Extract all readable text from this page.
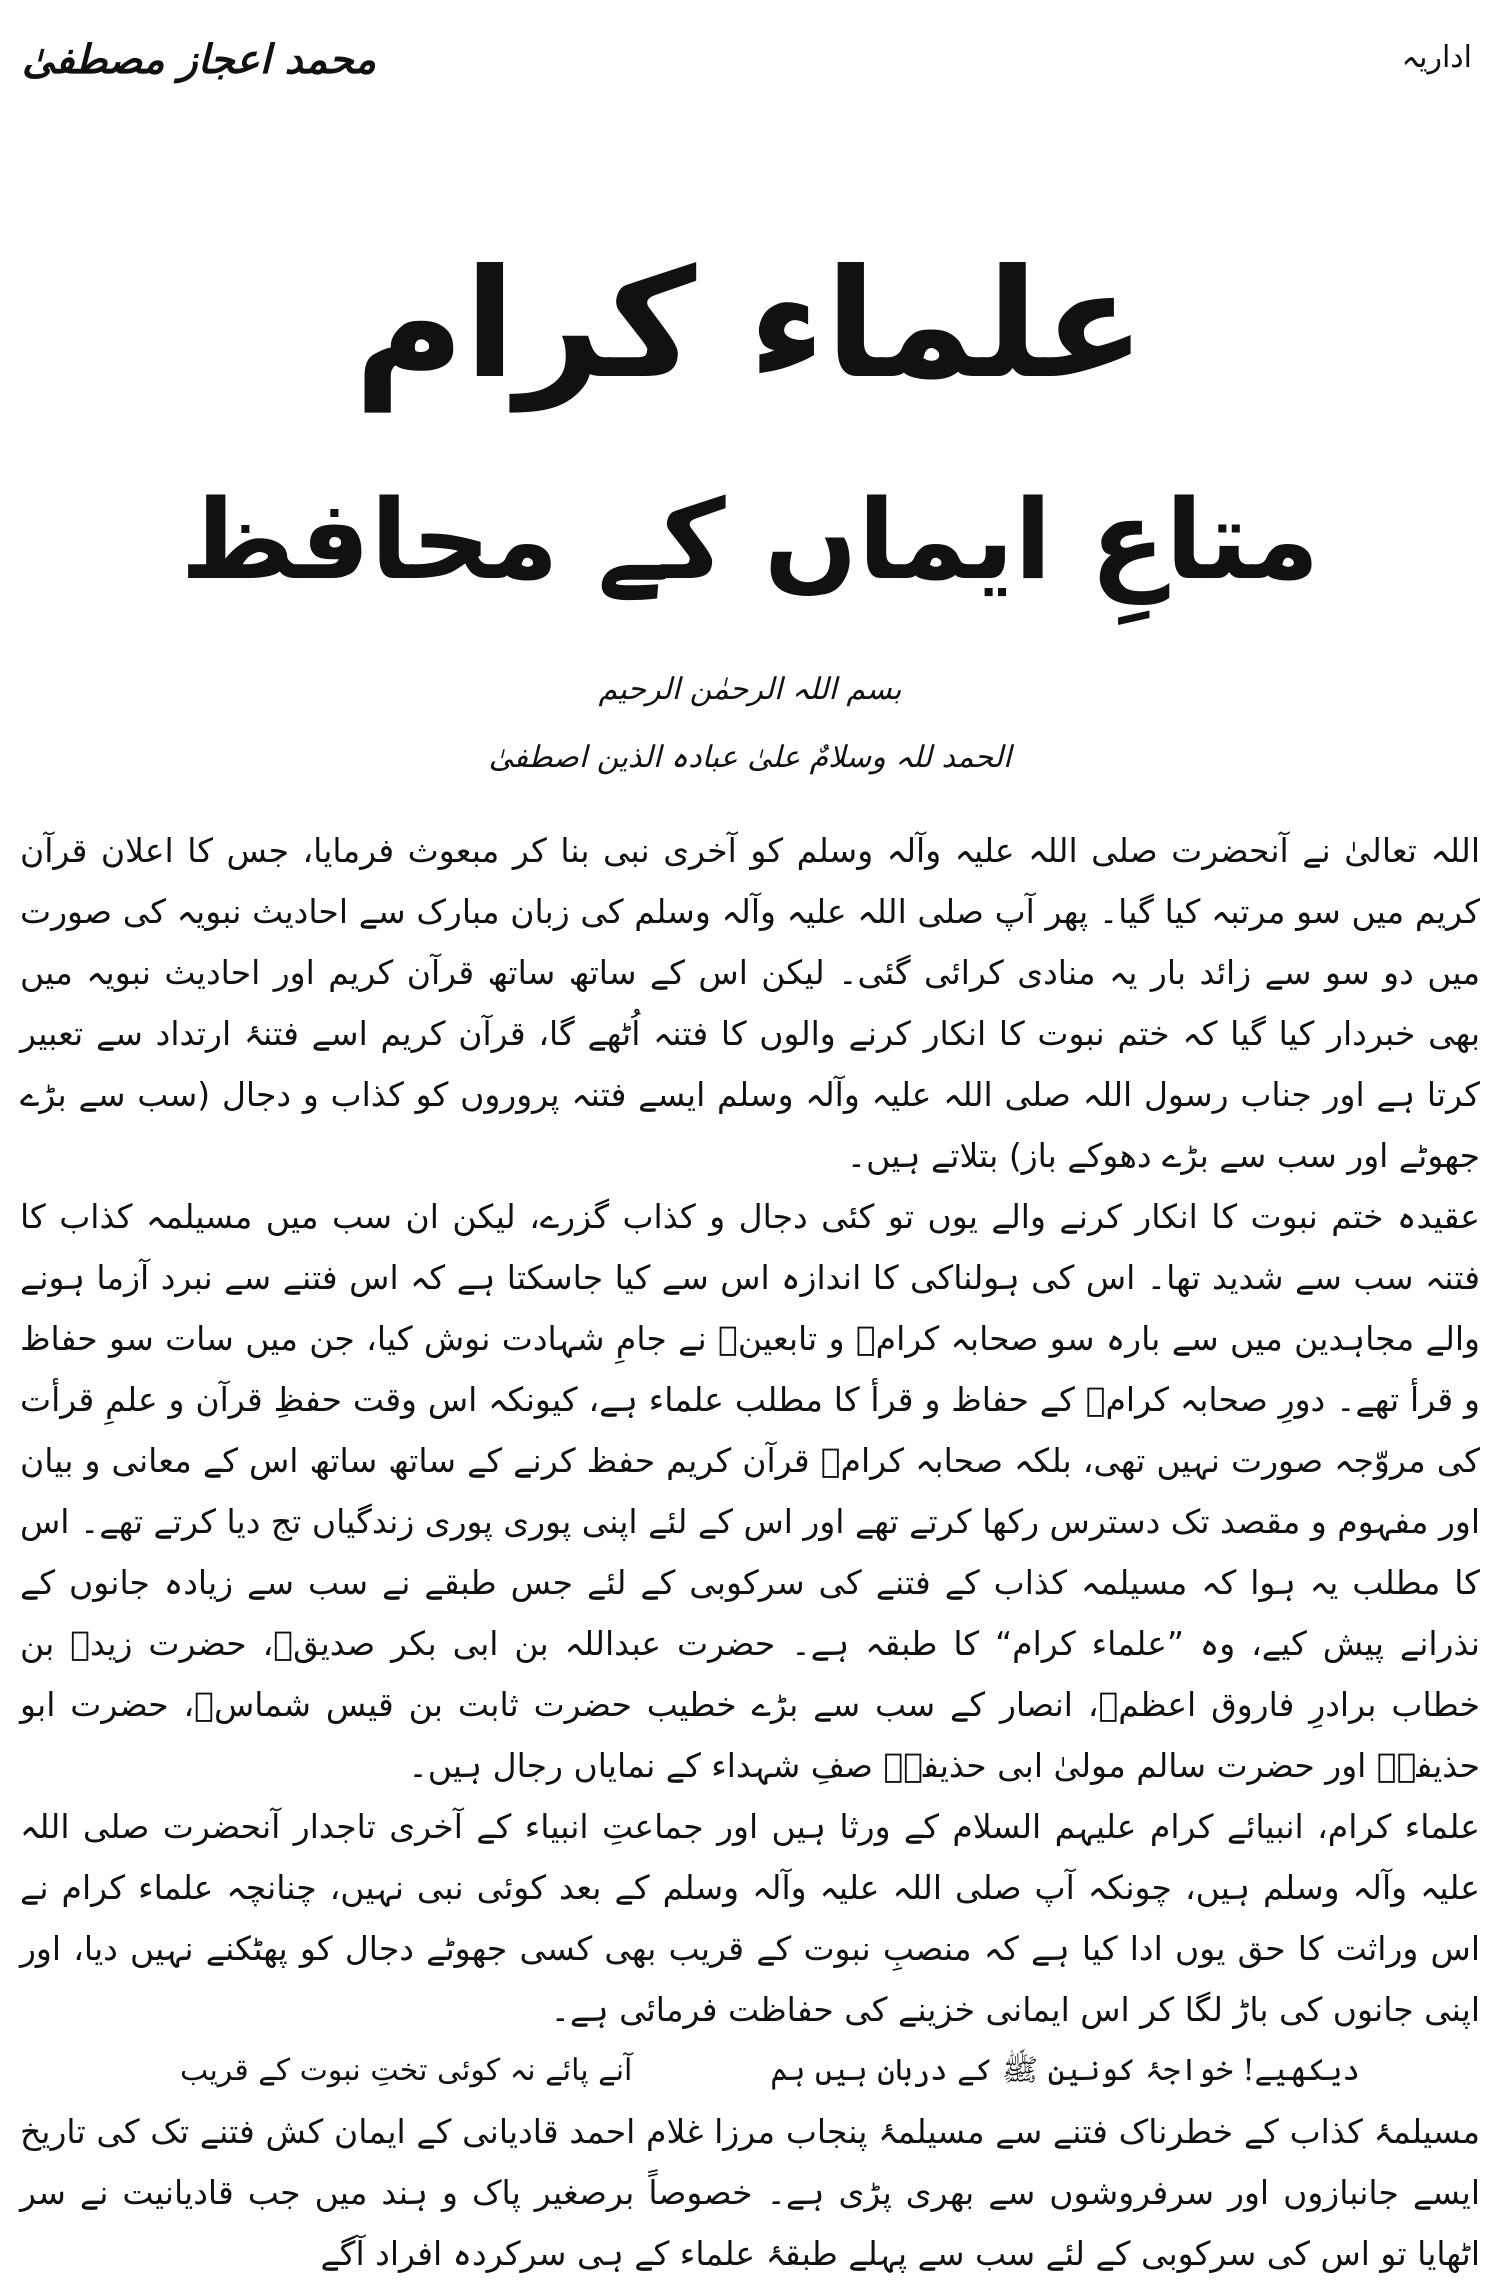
اداریہ
محمد اعجاز مصطفیٰ
علماء کرام
متاعِ ایماں کے محافظ
بسم اللہ الرحمٰن الرحیم
الحمد للہ وسلامٌ علیٰ عبادہ الذین اصطفیٰ

اللہ تعالیٰ نے آنحضرت صلی اللہ علیہ وآلہ وسلم کو آخری نبی بنا کر مبعوث فرمایا، جس کا اعلان قرآن کریم میں سو مرتبہ کیا گیا۔ پھر آپ صلی اللہ علیہ وآلہ وسلم کی زبان مبارک سے احادیث نبویہ کی صورت میں دو سو سے زائد بار یہ منادی کرائی گئی۔ لیکن اس کے ساتھ ساتھ قرآن کریم اور احادیث نبویہ میں بھی خبردار کیا گیا کہ ختم نبوت کا انکار کرنے والوں کا فتنہ اُٹھے گا، قرآن کریم اسے فتنۂ ارتداد سے تعبیر کرتا ہے اور جناب رسول اللہ صلی اللہ علیہ وآلہ وسلم ایسے فتنہ پروروں کو کذاب و دجال (سب سے بڑے جھوٹے اور سب سے بڑے دھوکے باز) بتلاتے ہیں۔

عقیدہ ختم نبوت کا انکار کرنے والے یوں تو کئی دجال و کذاب گزرے، لیکن ان سب میں مسیلمہ کذاب کا فتنہ سب سے شدید تھا۔ اس کی ہولناکی کا اندازہ اس سے کیا جاسکتا ہے کہ اس فتنے سے نبرد آزما ہونے والے مجاہدین میں سے بارہ سو صحابہ کرامؓ و تابعینؒ نے جامِ شہادت نوش کیا، جن میں سات سو حفاظ و قرأ تھے۔ دورِ صحابہ کرامؓ کے حفاظ و قرأ کا مطلب علماء ہے، کیونکہ اس وقت حفظِ قرآن و علمِ قرأت کی مروّجہ صورت نہیں تھی، بلکہ صحابہ کرامؓ قرآن کریم حفظ کرنے کے ساتھ ساتھ اس کے معانی و بیان اور مفہوم و مقصد تک دسترس رکھا کرتے تھے اور اس کے لئے اپنی پوری پوری زندگیاں تج دیا کرتے تھے۔ اس کا مطلب یہ ہوا کہ مسیلمہ کذاب کے فتنے کی سرکوبی کے لئے جس طبقے نے سب سے زیادہ جانوں کے نذرانے پیش کیے، وہ ”علماء کرام“ کا طبقہ ہے۔ حضرت عبداللہ بن ابی بکر صدیقؓ، حضرت زیدؓ بن خطاب برادرِ فاروق اعظمؓ، انصار کے سب سے بڑے خطیب حضرت ثابت بن قیس شماسؓ، حضرت ابو حذیفہؓ اور حضرت سالم مولیٰ ابی حذیفہؓ صفِ شہداء کے نمایاں رجال ہیں۔

علماء کرام، انبیائے کرام علیہم السلام کے ورثا ہیں اور جماعتِ انبیاء کے آخری تاجدار آنحضرت صلی اللہ علیہ وآلہ وسلم ہیں، چونکہ آپ صلی اللہ علیہ وآلہ وسلم کے بعد کوئی نبی نہیں، چنانچہ علماء کرام نے اس وراثت کا حق یوں ادا کیا ہے کہ منصبِ نبوت کے قریب بھی کسی جھوٹے دجال کو پھٹکنے نہیں دیا، اور اپنی جانوں کی باڑ لگا کر اس ایمانی خزینے کی حفاظت فرمائی ہے۔

دیکھیے! خواجۂ کونین ﷺ کے دربان ہیں ہم
آنے پائے نہ کوئی تختِ نبوت کے قریب

مسیلمۂ کذاب کے خطرناک فتنے سے مسیلمۂ پنجاب مرزا غلام احمد قادیانی کے ایمان کش فتنے تک کی تاریخ ایسے جانبازوں اور سرفروشوں سے بھری پڑی ہے۔ خصوصاً برصغیر پاک و ہند میں جب قادیانیت نے سر اٹھایا تو اس کی سرکوبی کے لئے سب سے پہلے طبقۂ علماء کے ہی سرکردہ افراد آگے
